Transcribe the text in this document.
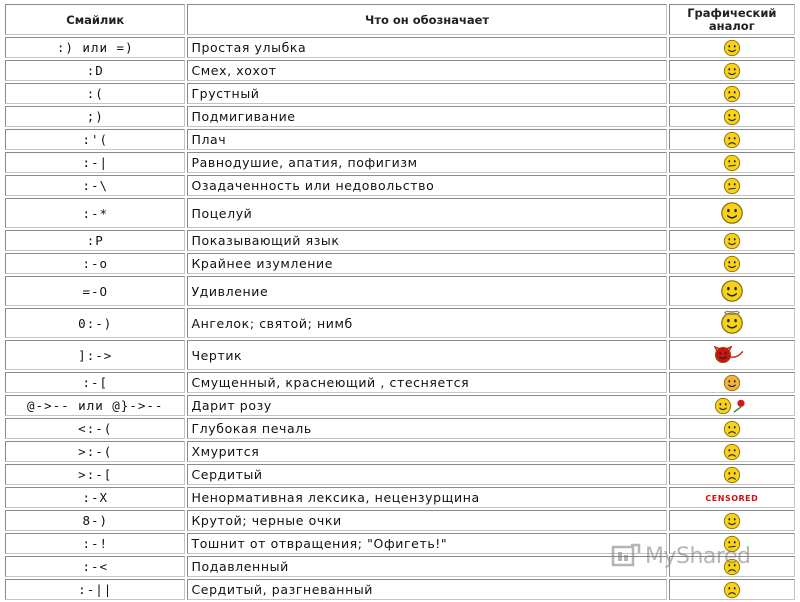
Смайлик	Что он обозначает	Графический
аналог
:) или =)	Простая улыбка	
:D	Смех, хохот	
:(	Грустный	
;)	Подмигивание	
:'(	Плач	
:-|	Равнодушие, апатия, пофигизм	
:-\	Озадаченность или недовольство	
:-*	Поцелуй	
:P	Показывающий язык	
:-o	Крайнее изумление	
=-O	Удивление	
0:-)	Ангелок; святой; нимб	
]:->	Чертик	
:-[	Смущенный, краснеющий , стесняется	
@->-- или @}->--	Дарит розу	
<:-(	Глубокая печаль	
>:-(	Хмурится	
>:-[	Сердитый	
:-X	Ненормативная лексика, нецензурщина	CENSORED
8-)	Крутой; черные очки	
:-!	Тошнит от отвращения; "Офигеть!"	
:-<	Подавленный	
:-||	Сердитый, разгневанный	
MyShared
